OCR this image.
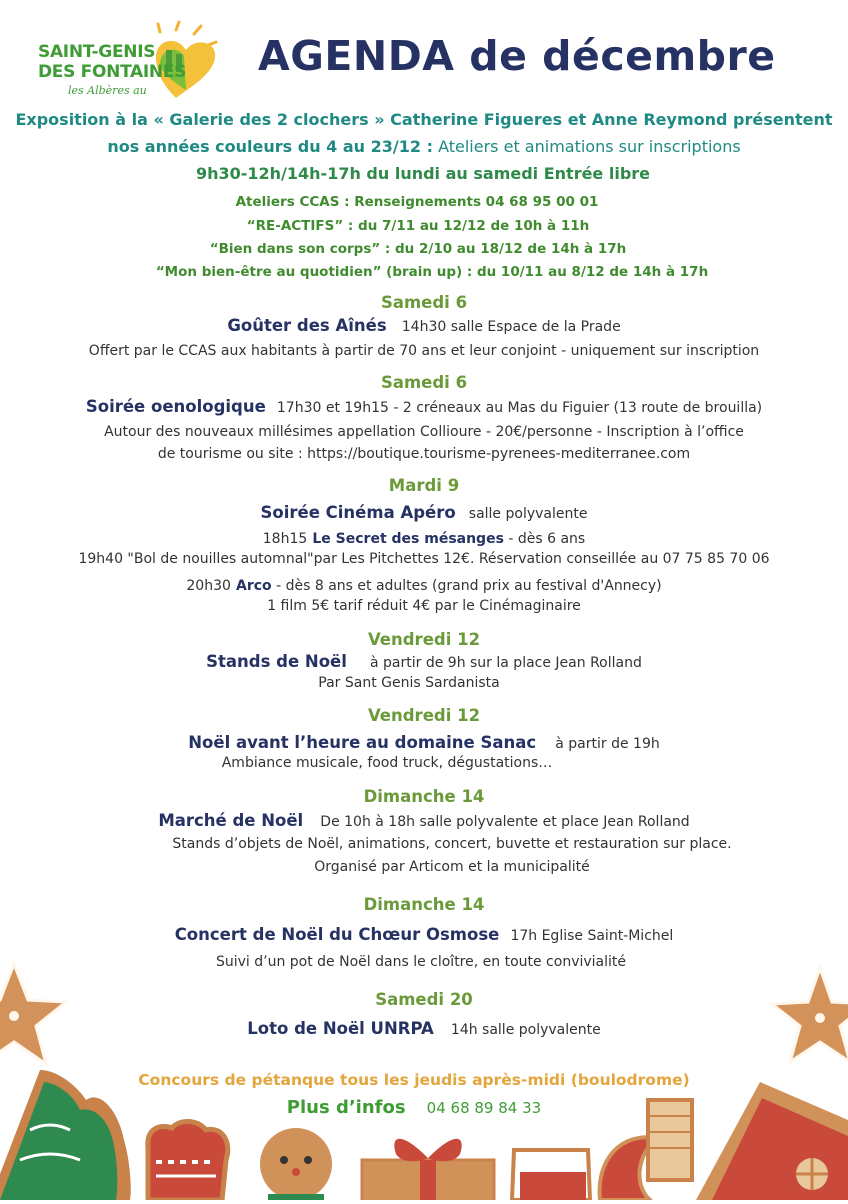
SAINT-GENIS
DES FONTAINES
les Albères au
AGENDA de décembre
Exposition à la « Galerie des 2 clochers » Catherine Figueres et Anne Reymond présentent
nos années couleurs du 4 au 23/12 : Ateliers et animations sur inscriptions
9h30-12h/14h-17h du lundi au samedi Entrée libre
Ateliers CCAS : Renseignements 04 68 95 00 01
“RE-ACTIFS” : du 7/11 au 12/12 de 10h à 11h
“Bien dans son corps” : du 2/10 au 18/12 de 14h à 17h
“Mon bien-être au quotidien” (brain up) : du 10/11 au 8/12 de 14h à 17h
Samedi 6
Goûter des Aînés 14h30 salle Espace de la Prade
Offert par le CCAS aux habitants à partir de 70 ans et leur conjoint - uniquement sur inscription
Samedi 6
Soirée oenologique 17h30 et 19h15 - 2 créneaux au Mas du Figuier (13 route de brouilla)
Autour des nouveaux millésimes appellation Collioure - 20€/personne - Inscription à l’office
de tourisme ou site : https://boutique.tourisme-pyrenees-mediterranee.com
Mardi 9
Soirée Cinéma Apéro salle polyvalente
18h15 Le Secret des mésanges - dès 6 ans
19h40 "Bol de nouilles automnal"par Les Pitchettes 12€. Réservation conseillée au 07 75 85 70 06
20h30 Arco - dès 8 ans et adultes (grand prix au festival d'Annecy)
1 film 5€ tarif réduit 4€ par le Cinémaginaire
Vendredi 12
Stands de Noël à partir de 9h sur la place Jean Rolland
Par Sant Genis Sardanista
Vendredi 12
Noël avant l’heure au domaine Sanac à partir de 19h
Ambiance musicale, food truck, dégustations…
Dimanche 14
Marché de Noël De 10h à 18h salle polyvalente et place Jean Rolland
Stands d’objets de Noël, animations, concert, buvette et restauration sur place.
Organisé par Articom et la municipalité
Dimanche 14
Concert de Noël du Chœur Osmose 17h Eglise Saint-Michel
Suivi d’un pot de Noël dans le cloître, en toute convivialité
Samedi 20
Loto de Noël UNRPA 14h salle polyvalente
Concours de pétanque tous les jeudis après-midi (boulodrome)
Plus d’infos 04 68 89 84 33
